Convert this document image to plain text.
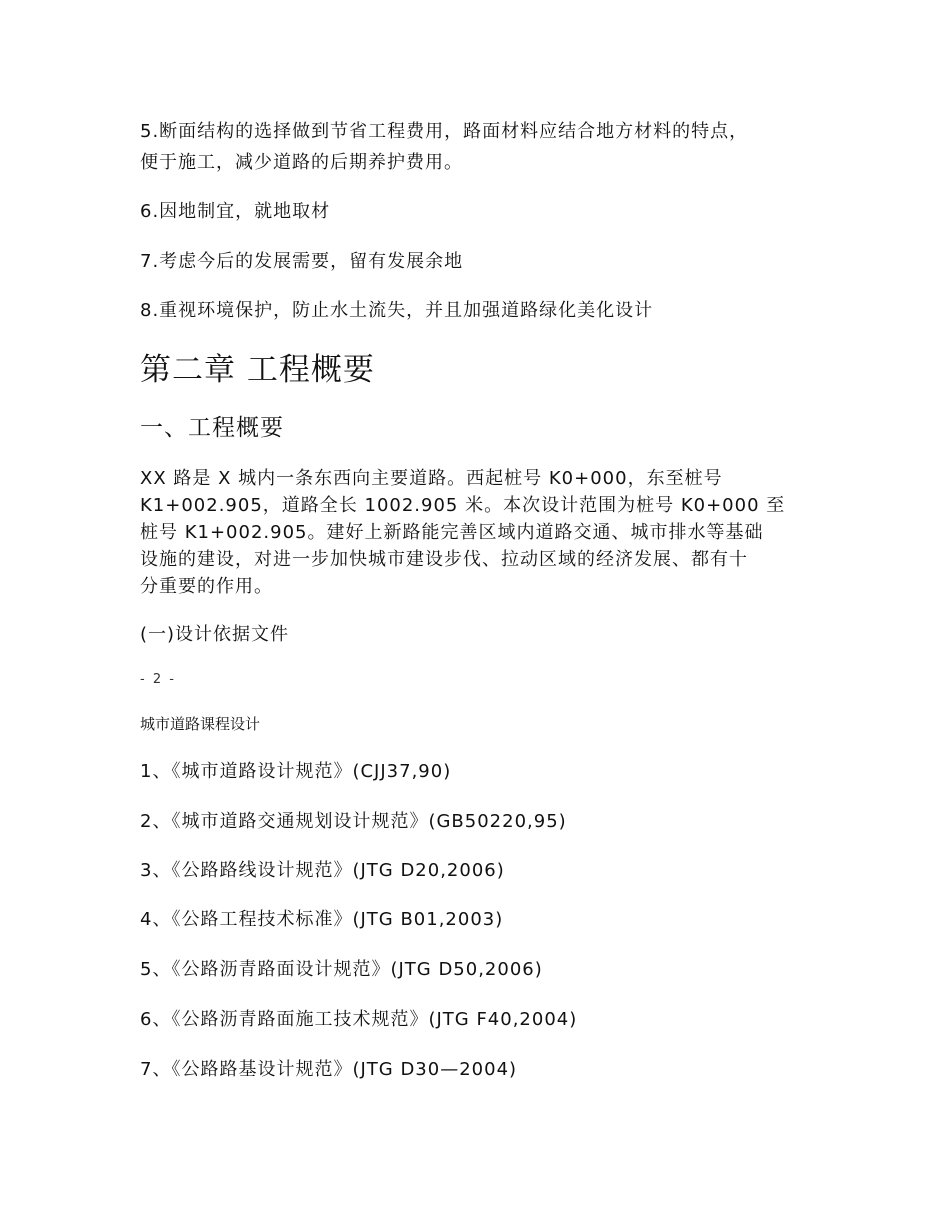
5.断面结构的选择做到节省工程费用，路面材料应结合地方材料的特点，

便于施工，减少道路的后期养护费用。

6.因地制宜，就地取材
7.考虑今后的发展需要，留有发展余地
8.重视环境保护，防止水土流失，并且加强道路绿化美化设计
第二章 工程概要
一、工程概要

XX 路是 X 城内一条东西向主要道路。西起桩号 K0+000，东至桩号

K1+002.905，道路全长 1002.905 米。本次设计范围为桩号 K0+000 至

桩号 K1+002.905。建好上新路能完善区域内道路交通、城市排水等基础

设施的建设，对进一步加快城市建设步伐、拉动区域的经济发展、都有十

分重要的作用。

(一)设计依据文件
- 2 -
城市道路课程设计
1、《城市道路设计规范》(CJJ37,90)
2、《城市道路交通规划设计规范》(GB50220,95)
3、《公路路线设计规范》(JTG D20,2006)
4、《公路工程技术标准》(JTG B01,2003)
5、《公路沥青路面设计规范》(JTG D50,2006)
6、《公路沥青路面施工技术规范》(JTG F40,2004)
7、《公路路基设计规范》(JTG D30—2004)
